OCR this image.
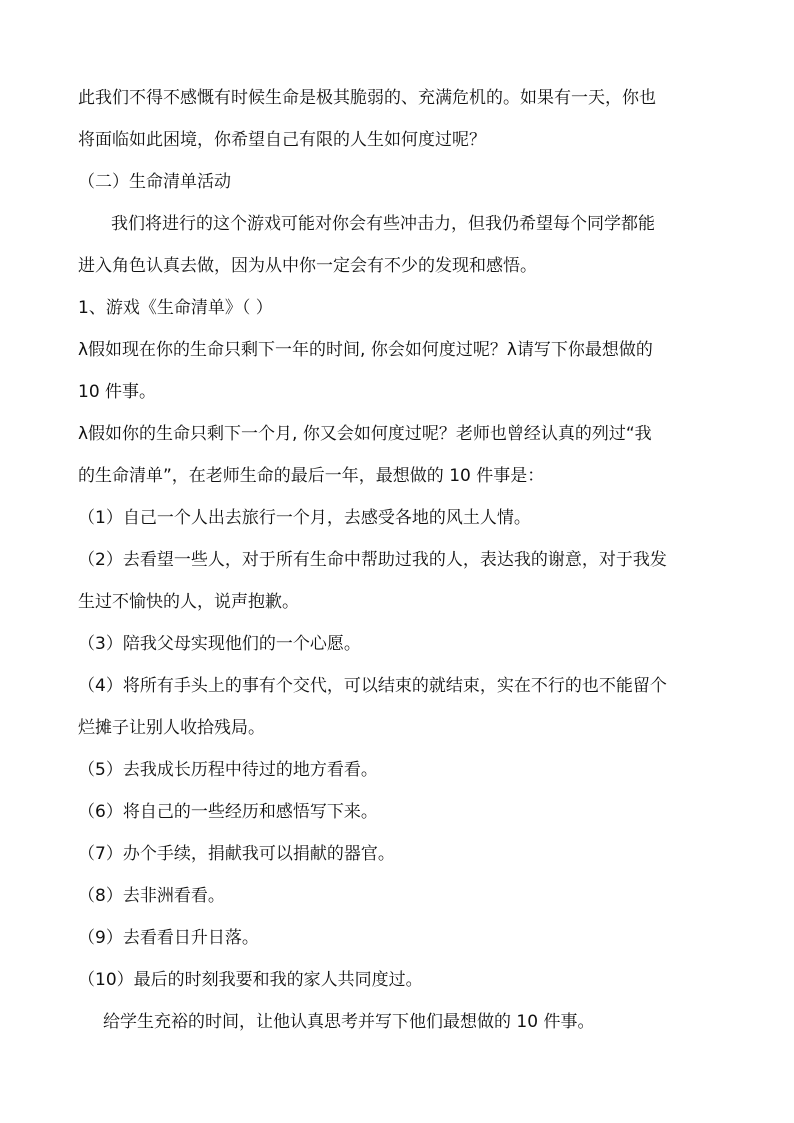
此我们不得不感慨有时候生命是极其脆弱的、充满危机的。如果有一天，你也
将面临如此困境，你希望自己有限的人生如何度过呢？
（二）生命清单活动
我们将进行的这个游戏可能对你会有些冲击力，但我仍希望每个同学都能
进入角色认真去做，因为从中你一定会有不少的发现和感悟。
1、游戏《生命清单》（ ）
λ假如现在你的生命只剩下一年的时间, 你会如何度过呢？λ请写下你最想做的
10 件事。
λ假如你的生命只剩下一个月, 你又会如何度过呢？老师也曾经认真的列过“我
的生命清单”，在老师生命的最后一年，最想做的 10 件事是：
（1）自己一个人出去旅行一个月，去感受各地的风土人情。
（2）去看望一些人，对于所有生命中帮助过我的人，表达我的谢意，对于我发
生过不愉快的人，说声抱歉。
（3）陪我父母实现他们的一个心愿。
（4）将所有手头上的事有个交代，可以结束的就结束，实在不行的也不能留个
烂摊子让别人收拾残局。
（5）去我成长历程中待过的地方看看。
（6）将自己的一些经历和感悟写下来。
（7）办个手续，捐献我可以捐献的器官。
（8）去非洲看看。
（9）去看看日升日落。
（10）最后的时刻我要和我的家人共同度过。
给学生充裕的时间，让他认真思考并写下他们最想做的 10 件事。
